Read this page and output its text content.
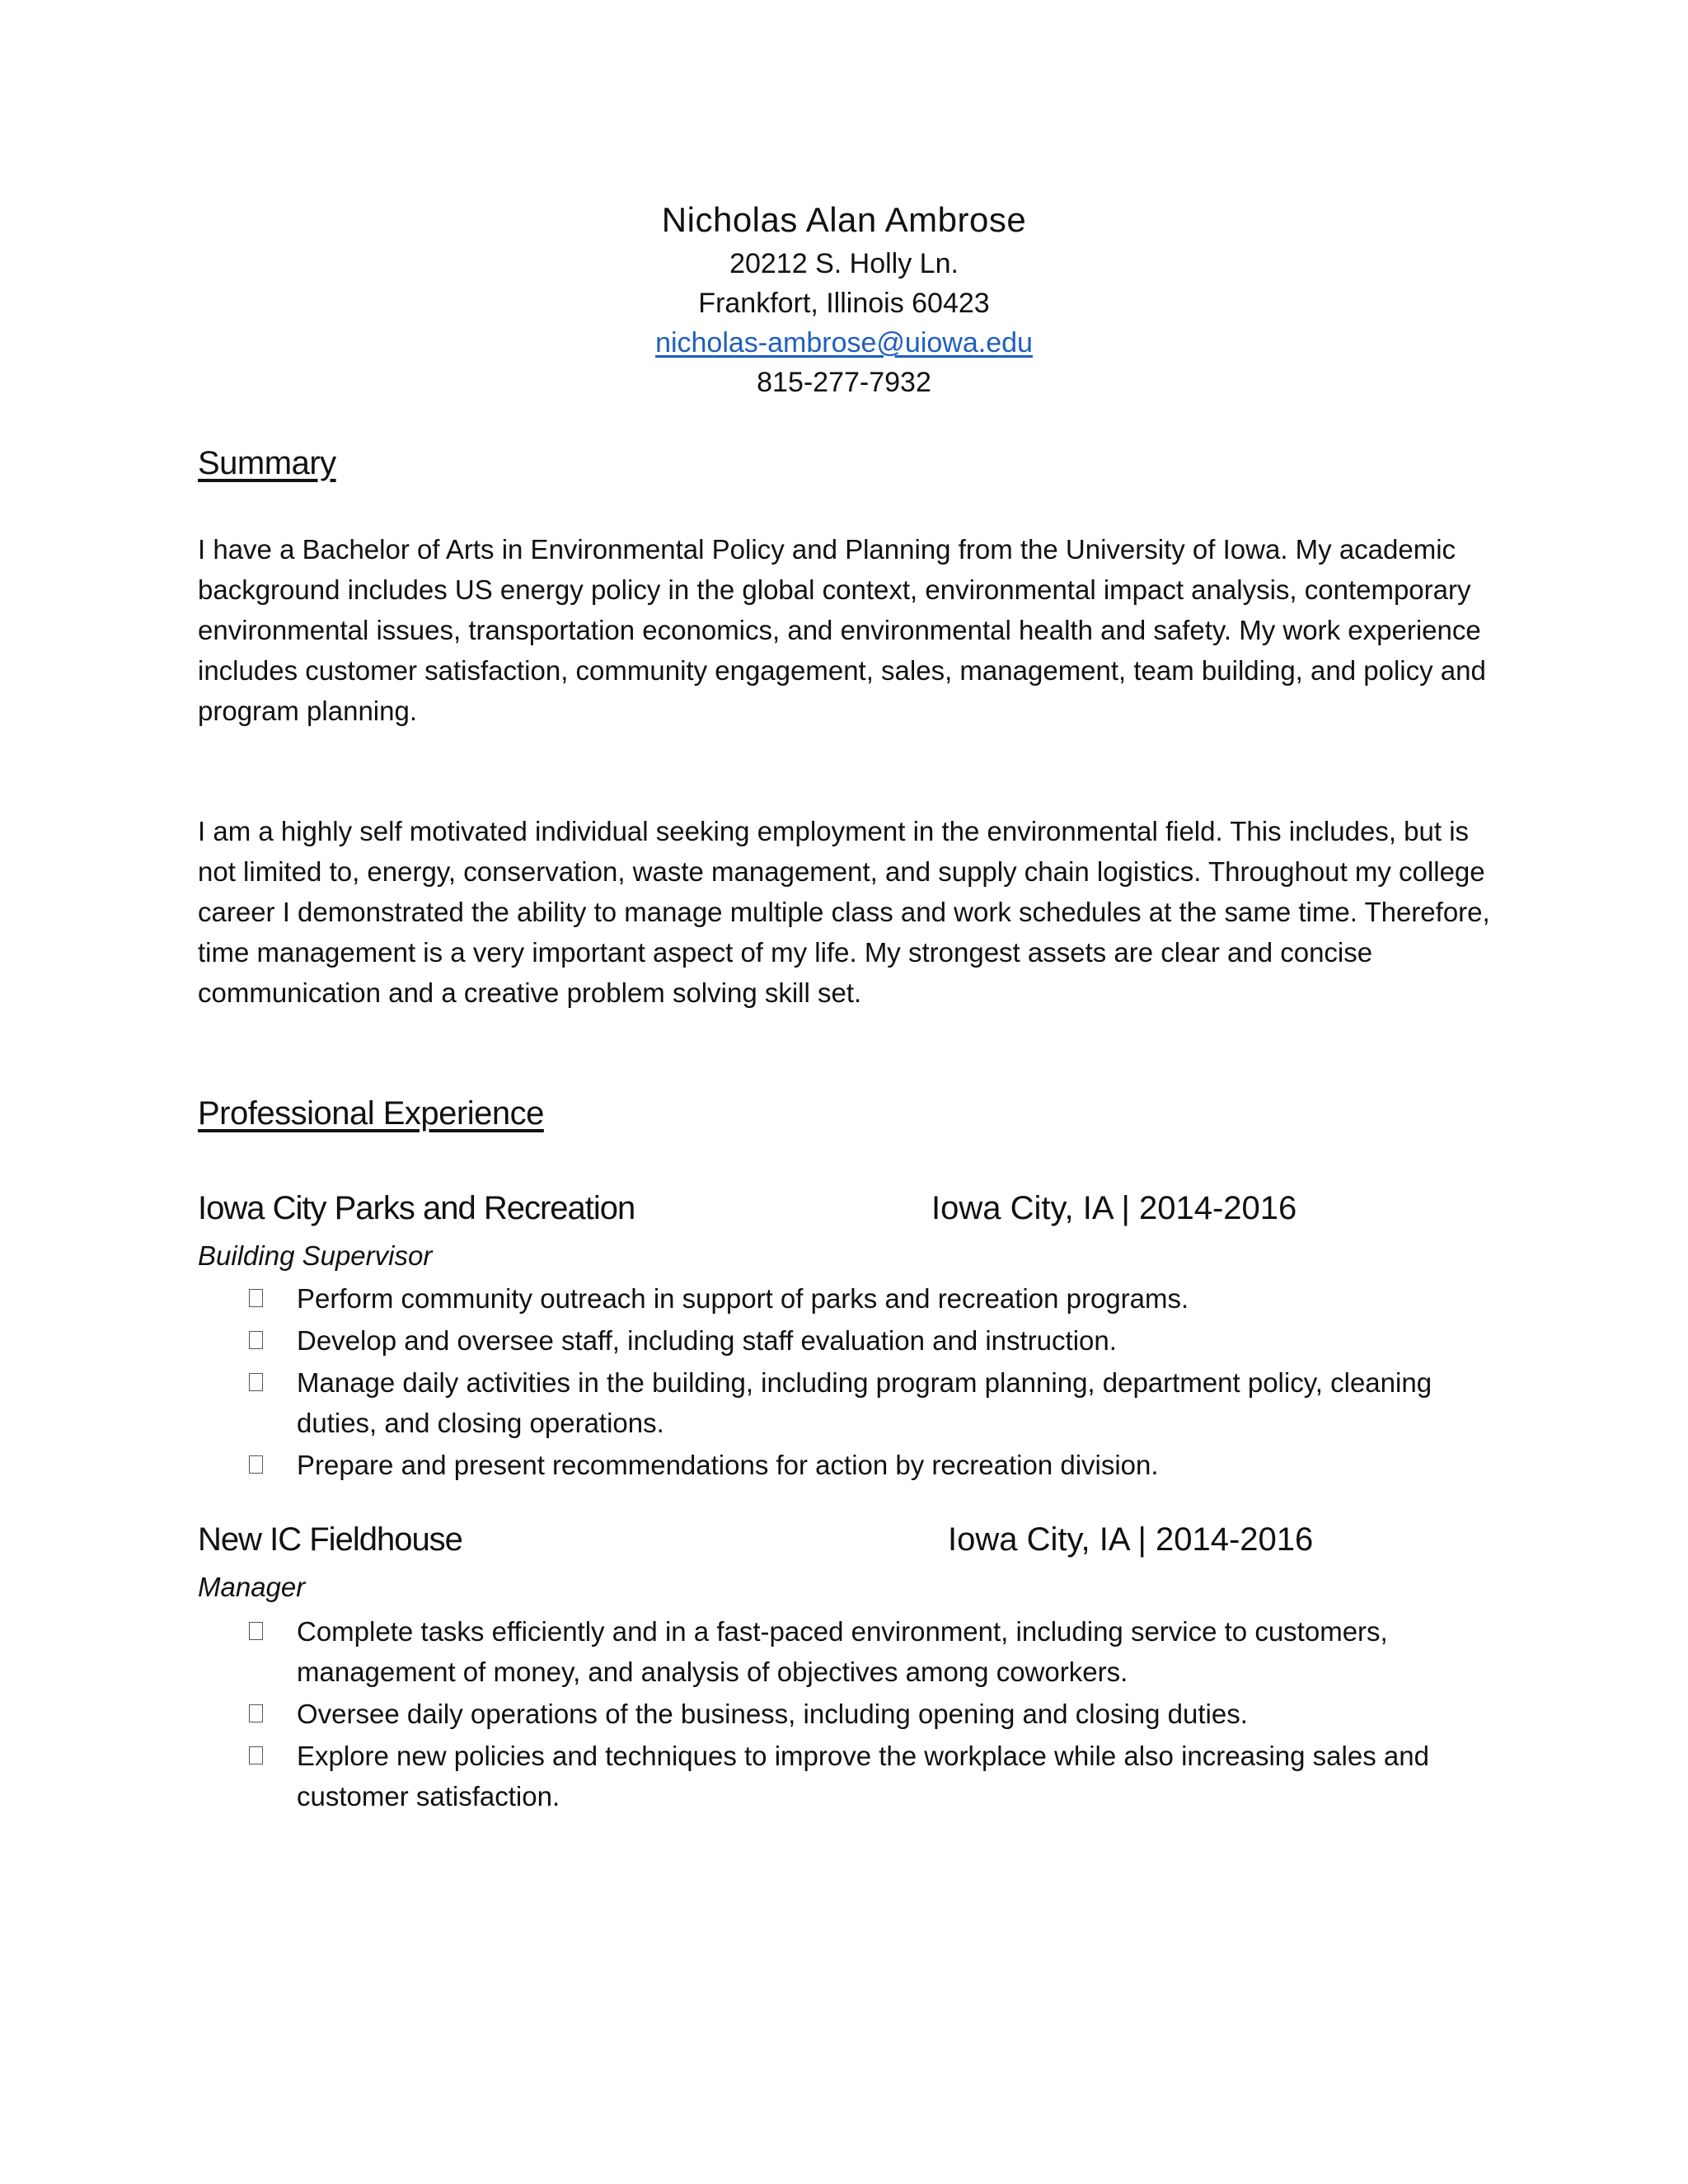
Nicholas Alan Ambrose
20212 S. Holly Ln.
Frankfort, Illinois 60423
nicholas-ambrose@uiowa.edu
815-277-7932
Summary
I have a Bachelor of Arts in Environmental Policy and Planning from the University of Iowa. My academic background includes US energy policy in the global context, environmental impact analysis, contemporary environmental issues, transportation economics, and environmental health and safety. My work experience includes customer satisfaction, community engagement, sales, management, team building, and policy and program planning.
I am a highly self motivated individual seeking employment in the environmental field. This includes, but is not limited to, energy, conservation, waste management, and supply chain logistics. Throughout my college career I demonstrated the ability to manage multiple class and work schedules at the same time. Therefore, time management is a very important aspect of my life. My strongest assets are clear and concise communication and a creative problem solving skill set.
Professional Experience
Iowa City Parks and Recreation	Iowa City, IA | 2014-2016
Building Supervisor
Perform community outreach in support of parks and recreation programs.
Develop and oversee staff, including staff evaluation and instruction.
Manage daily activities in the building, including program planning, department policy, cleaning duties, and closing operations.
Prepare and present recommendations for action by recreation division.
New IC Fieldhouse	Iowa City, IA | 2014-2016
Manager
Complete tasks efficiently and in a fast-paced environment, including service to customers, management of money, and analysis of objectives among coworkers.
Oversee daily operations of the business, including opening and closing duties.
Explore new policies and techniques to improve the workplace while also increasing sales and customer satisfaction.
